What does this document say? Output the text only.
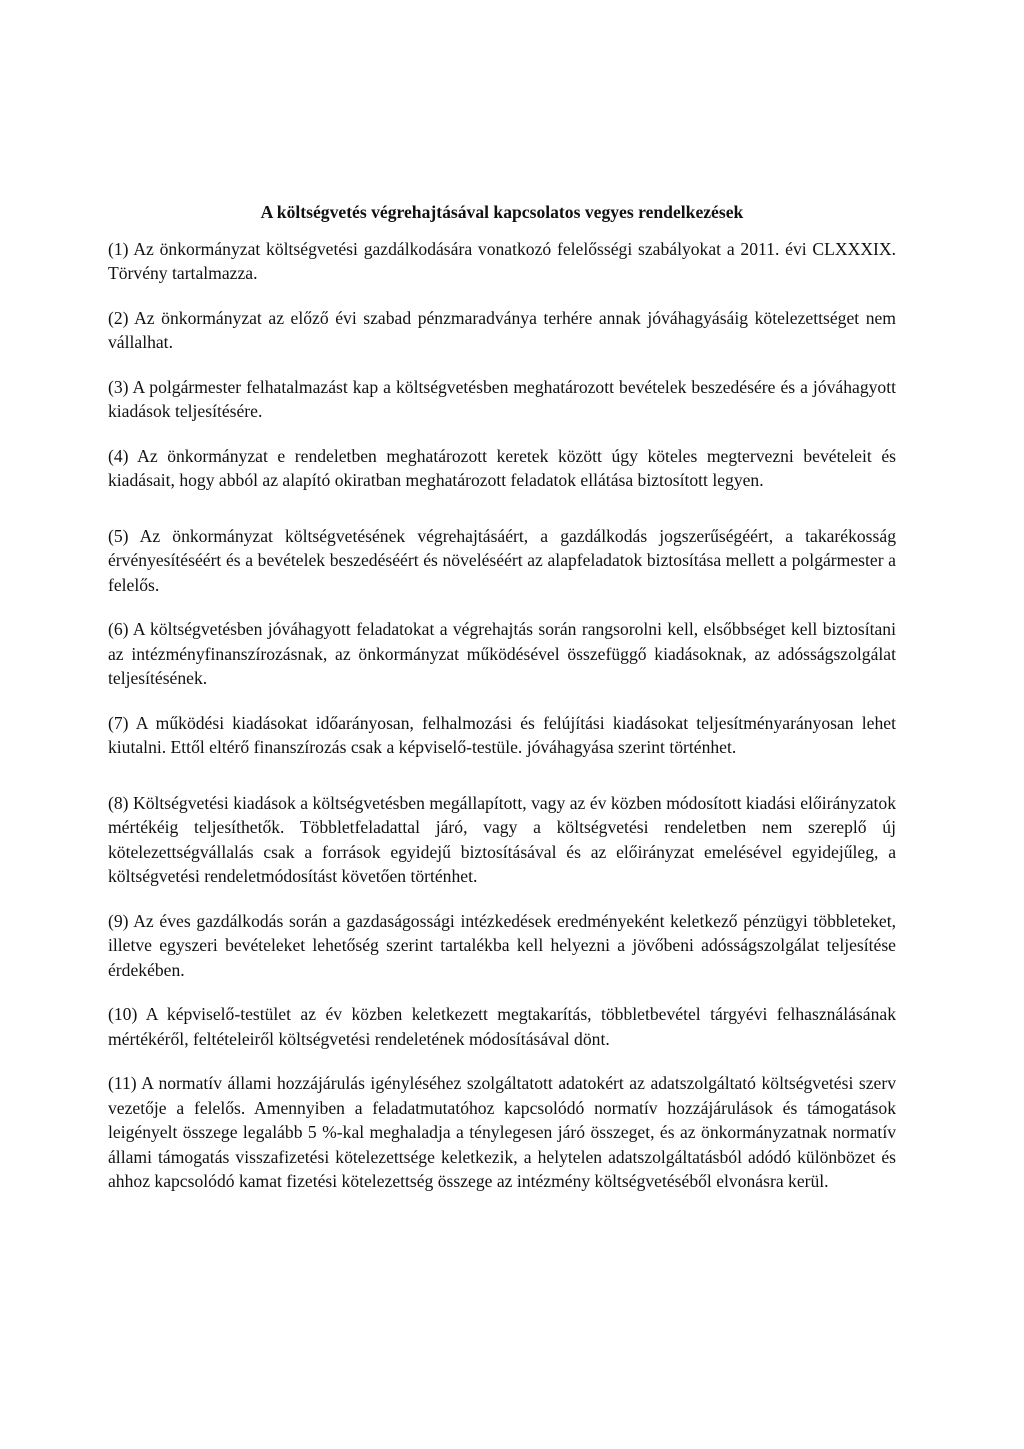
A költségvetés végrehajtásával kapcsolatos vegyes rendelkezések

(1) Az önkormányzat költségvetési gazdálkodására vonatkozó felelősségi szabályokat a 2011. évi CLXXXIX. Törvény tartalmazza.

(2) Az önkormányzat az előző évi szabad pénzmaradványa terhére annak jóváhagyásáig kötelezettséget nem vállalhat.

(3) A polgármester felhatalmazást kap a költségvetésben meghatározott bevételek beszedésére és a jóváhagyott kiadások teljesítésére.

(4) Az önkormányzat e rendeletben meghatározott keretek között úgy köteles megtervezni bevételeit és kiadásait, hogy abból az alapító okiratban meghatározott feladatok ellátása biztosított legyen.

(5) Az önkormányzat költségvetésének végrehajtásáért, a gazdálkodás jogszerűségéért, a takarékosság érvényesítéséért és a bevételek beszedéséért és növeléséért az alapfeladatok biztosítása mellett a polgármester a felelős.

(6) A költségvetésben jóváhagyott feladatokat a végrehajtás során rangsorolni kell, elsőbbséget kell biztosítani az intézményfinanszírozásnak, az önkormányzat működésével összefüggő kiadásoknak, az adósságszolgálat teljesítésének.

(7) A működési kiadásokat időarányosan, felhalmozási és felújítási kiadásokat teljesítményarányosan lehet kiutalni. Ettől eltérő finanszírozás csak a képviselő-testüle. jóváhagyása szerint történhet.

(8) Költségvetési kiadások a költségvetésben megállapított, vagy az év közben módosított kiadási előirányzatok mértékéig teljesíthetők. Többletfeladattal járó, vagy a költségvetési rendeletben nem szereplő új kötelezettségvállalás csak a források egyidejű biztosításával és az előirányzat emelésével egyidejűleg, a költségvetési rendeletmódosítást követően történhet.

(9) Az éves gazdálkodás során a gazdaságossági intézkedések eredményeként keletkező pénzügyi többleteket, illetve egyszeri bevételeket lehetőség szerint tartalékba kell helyezni a jövőbeni adósságszolgálat teljesítése érdekében.

(10) A képviselő-testület az év közben keletkezett megtakarítás, többletbevétel tárgyévi felhasználásának mértékéről, feltételeiről költségvetési rendeletének módosításával dönt.

(11) A normatív állami hozzájárulás igényléséhez szolgáltatott adatokért az adatszolgáltató költségvetési szerv vezetője a felelős. Amennyiben a feladatmutatóhoz kapcsolódó normatív hozzájárulások és támogatások leigényelt összege legalább 5 %-kal meghaladja a ténylegesen járó összeget, és az önkormányzatnak normatív állami támogatás visszafizetési kötelezettsége keletkezik, a helytelen adatszolgáltatásból adódó különbözet és ahhoz kapcsolódó kamat fizetési kötelezettség összege az intézmény költségvetéséből elvonásra kerül.
